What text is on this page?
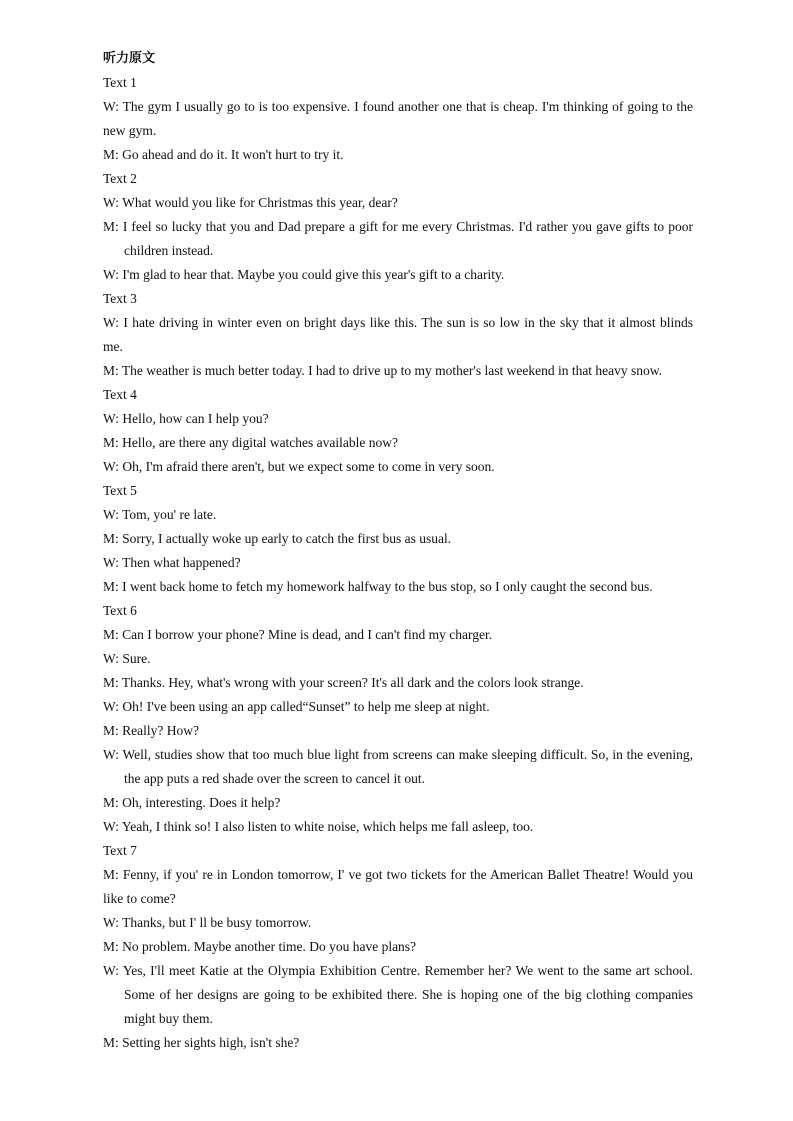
听力原文
Text 1
W: The gym I usually go to is too expensive. I found another one that is cheap. I'm thinking of going to the new gym.
M: Go ahead and do it. It won't hurt to try it.
Text 2
W: What would you like for Christmas this year, dear?
M: I feel so lucky that you and Dad prepare a gift for me every Christmas. I'd rather you gave gifts to poor children instead.
W: I'm glad to hear that. Maybe you could give this year's gift to a charity.
Text 3
W: I hate driving in winter even on bright days like this. The sun is so low in the sky that it almost blinds me.
M: The weather is much better today. I had to drive up to my mother's last weekend in that heavy snow.
Text 4
W: Hello, how can I help you?
M: Hello, are there any digital watches available now?
W: Oh, I'm afraid there aren't, but we expect some to come in very soon.
Text 5
W: Tom, you' re late.
M: Sorry, I actually woke up early to catch the first bus as usual.
W: Then what happened?
M: I went back home to fetch my homework halfway to the bus stop, so I only caught the second bus.
Text 6
M: Can I borrow your phone? Mine is dead, and I can't find my charger.
W: Sure.
M: Thanks. Hey, what's wrong with your screen? It's all dark and the colors look strange.
W: Oh! I've been using an app called“Sunset” to help me sleep at night.
M: Really? How?
W: Well, studies show that too much blue light from screens can make sleeping difficult. So, in the evening, the app puts a red shade over the screen to cancel it out.
M: Oh, interesting. Does it help?
W: Yeah, I think so! I also listen to white noise, which helps me fall asleep, too.
Text 7
M: Fenny, if you' re in London tomorrow, I' ve got two tickets for the American Ballet Theatre! Would you like to come?
W: Thanks, but I' ll be busy tomorrow.
M: No problem. Maybe another time. Do you have plans?
W: Yes, I'll meet Katie at the Olympia Exhibition Centre. Remember her? We went to the same art school. Some of her designs are going to be exhibited there. She is hoping one of the big clothing companies might buy them.
M: Setting her sights high, isn't she?
